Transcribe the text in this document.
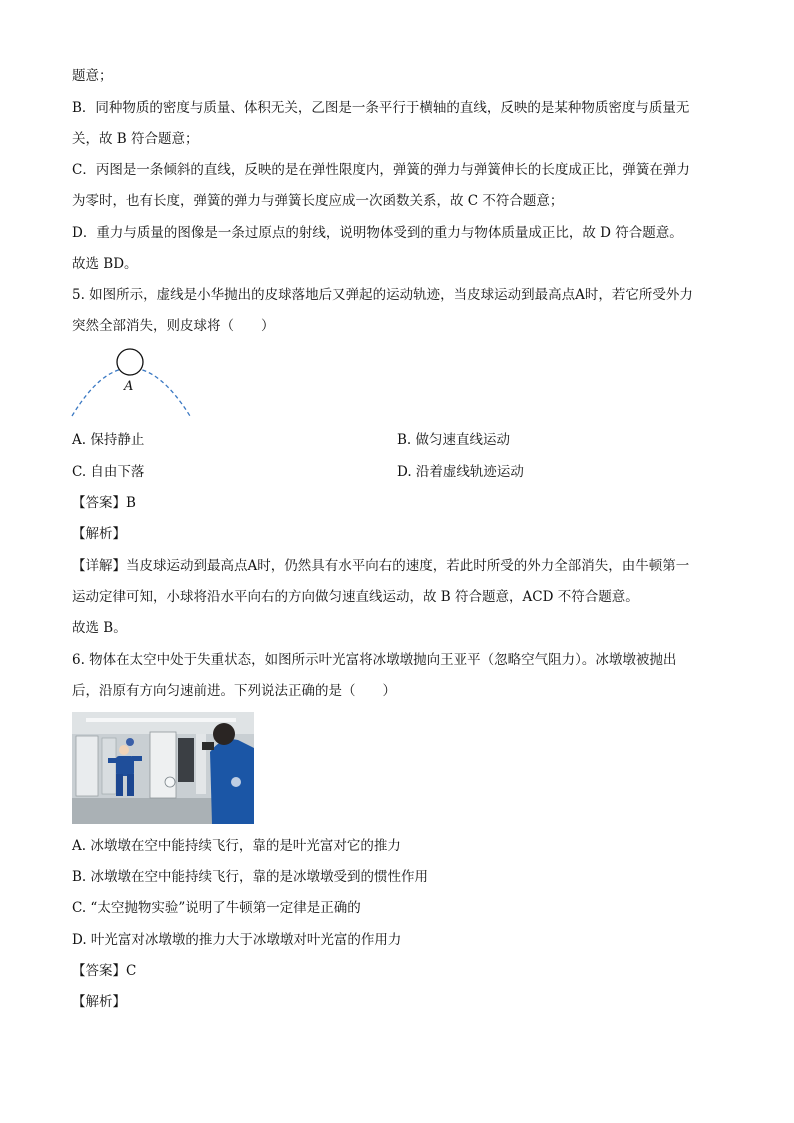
题意；
B．同种物质的密度与质量、体积无关，乙图是一条平行于横轴的直线，反映的是某种物质密度与质量无
关，故 B 符合题意；
C．丙图是一条倾斜的直线，反映的是在弹性限度内，弹簧的弹力与弹簧伸长的长度成正比，弹簧在弹力
为零时，也有长度，弹簧的弹力与弹簧长度应成一次函数关系，故 C 不符合题意；
D．重力与质量的图像是一条过原点的射线，说明物体受到的重力与物体质量成正比，故 D 符合题意。
故选 BD。
5. 如图所示，虚线是小华抛出的皮球落地后又弹起的运动轨迹，当皮球运动到最高点A时，若它所受外力
突然全部消失，则皮球将（　　）
A
A. 保持静止	B. 做匀速直线运动
C. 自由下落	D. 沿着虚线轨迹运动
【答案】B
【解析】
【详解】当皮球运动到最高点A时，仍然具有水平向右的速度，若此时所受的外力全部消失，由牛顿第一
运动定律可知，小球将沿水平向右的方向做匀速直线运动，故 B 符合题意，ACD 不符合题意。
故选 B。
6. 物体在太空中处于失重状态，如图所示叶光富将冰墩墩抛向王亚平（忽略空气阻力）。冰墩墩被抛出
后，沿原有方向匀速前进。下列说法正确的是（　　）
A. 冰墩墩在空中能持续飞行，靠的是叶光富对它的推力
B. 冰墩墩在空中能持续飞行，靠的是冰墩墩受到的惯性作用
C. “太空抛物实验”说明了牛顿第一定律是正确的
D. 叶光富对冰墩墩的推力大于冰墩墩对叶光富的作用力
【答案】C
【解析】
